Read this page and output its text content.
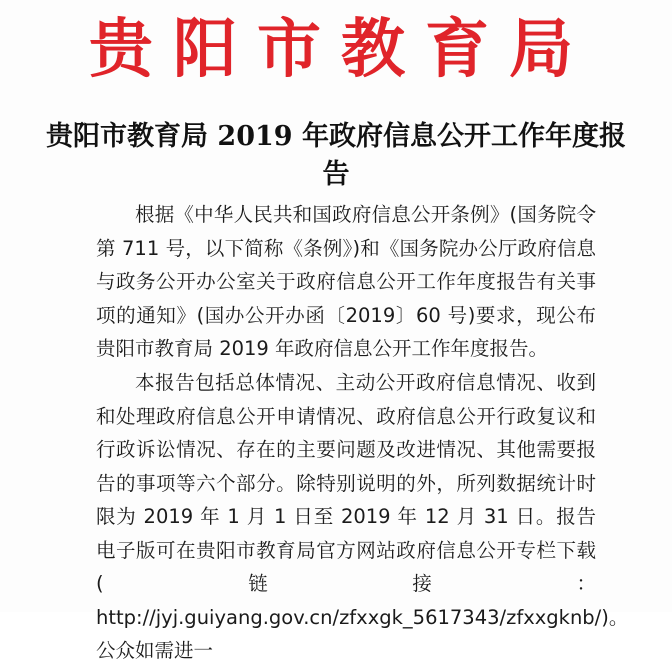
贵阳市教育局
贵阳市教育局 2019 年政府信息公开工作年度报告

根据《中华人民共和国政府信息公开条例》(国务院令第 711 号，以下简称《条例》)和《国务院办公厅政府信息与政务公开办公室关于政府信息公开工作年度报告有关事项的通知》(国办公开办函〔2019〕60 号)要求，现公布贵阳市教育局 2019 年政府信息公开工作年度报告。

本报告包括总体情况、主动公开政府信息情况、收到和处理政府信息公开申请情况、政府信息公开行政复议和行政诉讼情况、存在的主要问题及改进情况、其他需要报告的事项等六个部分。除特别说明的外，所列数据统计时限为 2019 年 1 月 1 日至 2019 年 12 月 31 日。报告电子版可在贵阳市教育局官方网站政府信息公开专栏下载(链接：http://jyj.guiyang.gov.cn/zfxxgk_5617343/zfxxgknb/)。公众如需进一
